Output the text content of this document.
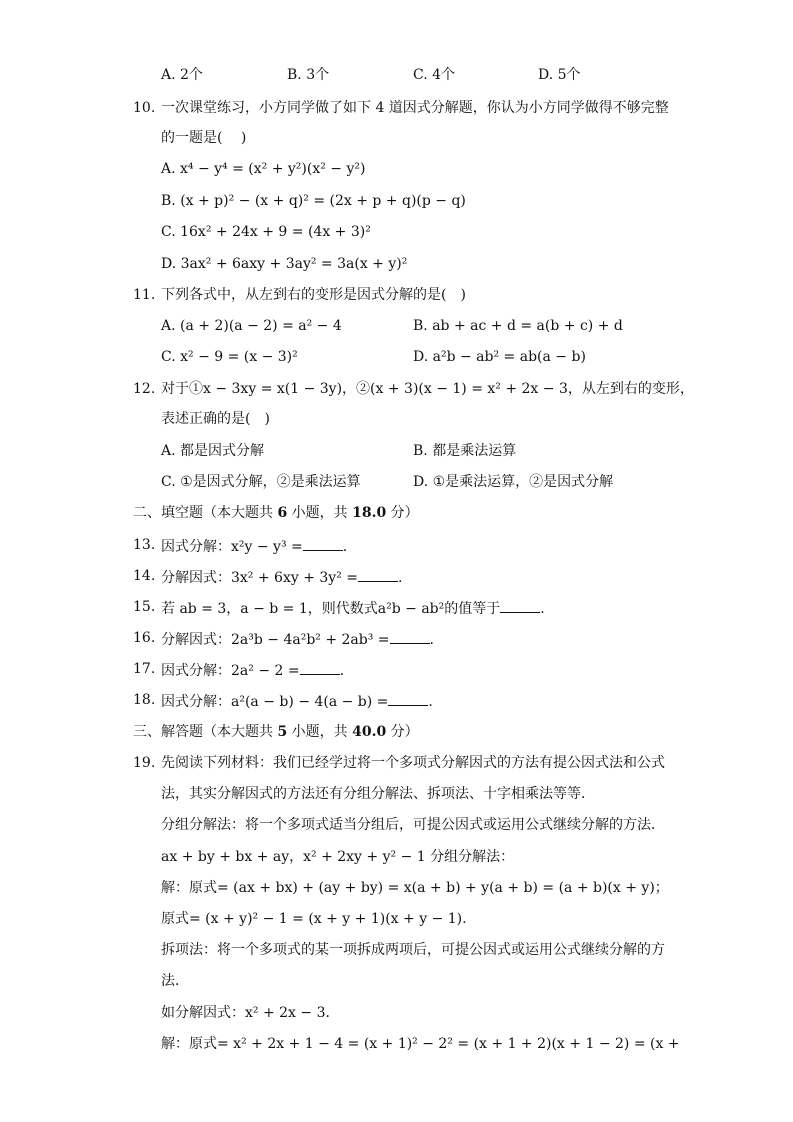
A. 2个	B. 3个	C. 4个	D. 5个
10. 一次课堂练习，小方同学做了如下 4 道因式分解题，你认为小方同学做得不够完整
的一题是(　 )
A. x⁴ − y⁴ = (x² + y²)(x² − y²)
B. (x + p)² − (x + q)² = (2x + p + q)(p − q)
C. 16x² + 24x + 9 = (4x + 3)²
D. 3ax² + 6axy + 3ay² = 3a(x + y)²
11. 下列各式中，从左到右的变形是因式分解的是(　)
A. (a + 2)(a − 2) = a² − 4	B. ab + ac + d = a(b + c) + d
C. x² − 9 = (x − 3)²	D. a²b − ab² = ab(a − b)
12. 对于①x − 3xy = x(1 − 3y)，②(x + 3)(x − 1) = x² + 2x − 3，从左到右的变形，
表述正确的是(　)
A. 都是因式分解	B. 都是乘法运算
C. ①是因式分解，②是乘法运算	D. ①是乘法运算，②是因式分解
二、填空题（本大题共 6 小题，共 18.0 分）
13. 因式分解：x²y − y³ =	.
14. 分解因式：3x² + 6xy + 3y² =	.
15. 若 ab = 3，a − b = 1，则代数式a²b − ab²的值等于	.
16. 分解因式：2a³b − 4a²b² + 2ab³ =	.
17. 因式分解：2a² − 2 =	.
18. 因式分解：a²(a − b) − 4(a − b) =	.
三、解答题（本大题共 5 小题，共 40.0 分）
19. 先阅读下列材料：我们已经学过将一个多项式分解因式的方法有提公因式法和公式
法，其实分解因式的方法还有分组分解法、拆项法、十字相乘法等等．
分组分解法：将一个多项式适当分组后，可提公因式或运用公式继续分解的方法．
ax + by + bx + ay，x² + 2xy + y² − 1 分组分解法：
解：原式= (ax + bx) + (ay + by) = x(a + b) + y(a + b) = (a + b)(x + y)；
原式= (x + y)² − 1 = (x + y + 1)(x + y − 1).
拆项法：将一个多项式的某一项拆成两项后，可提公因式或运用公式继续分解的方
法．
如分解因式：x² + 2x − 3．
解：原式= x² + 2x + 1 − 4 = (x + 1)² − 2² = (x + 1 + 2)(x + 1 − 2) = (x +
